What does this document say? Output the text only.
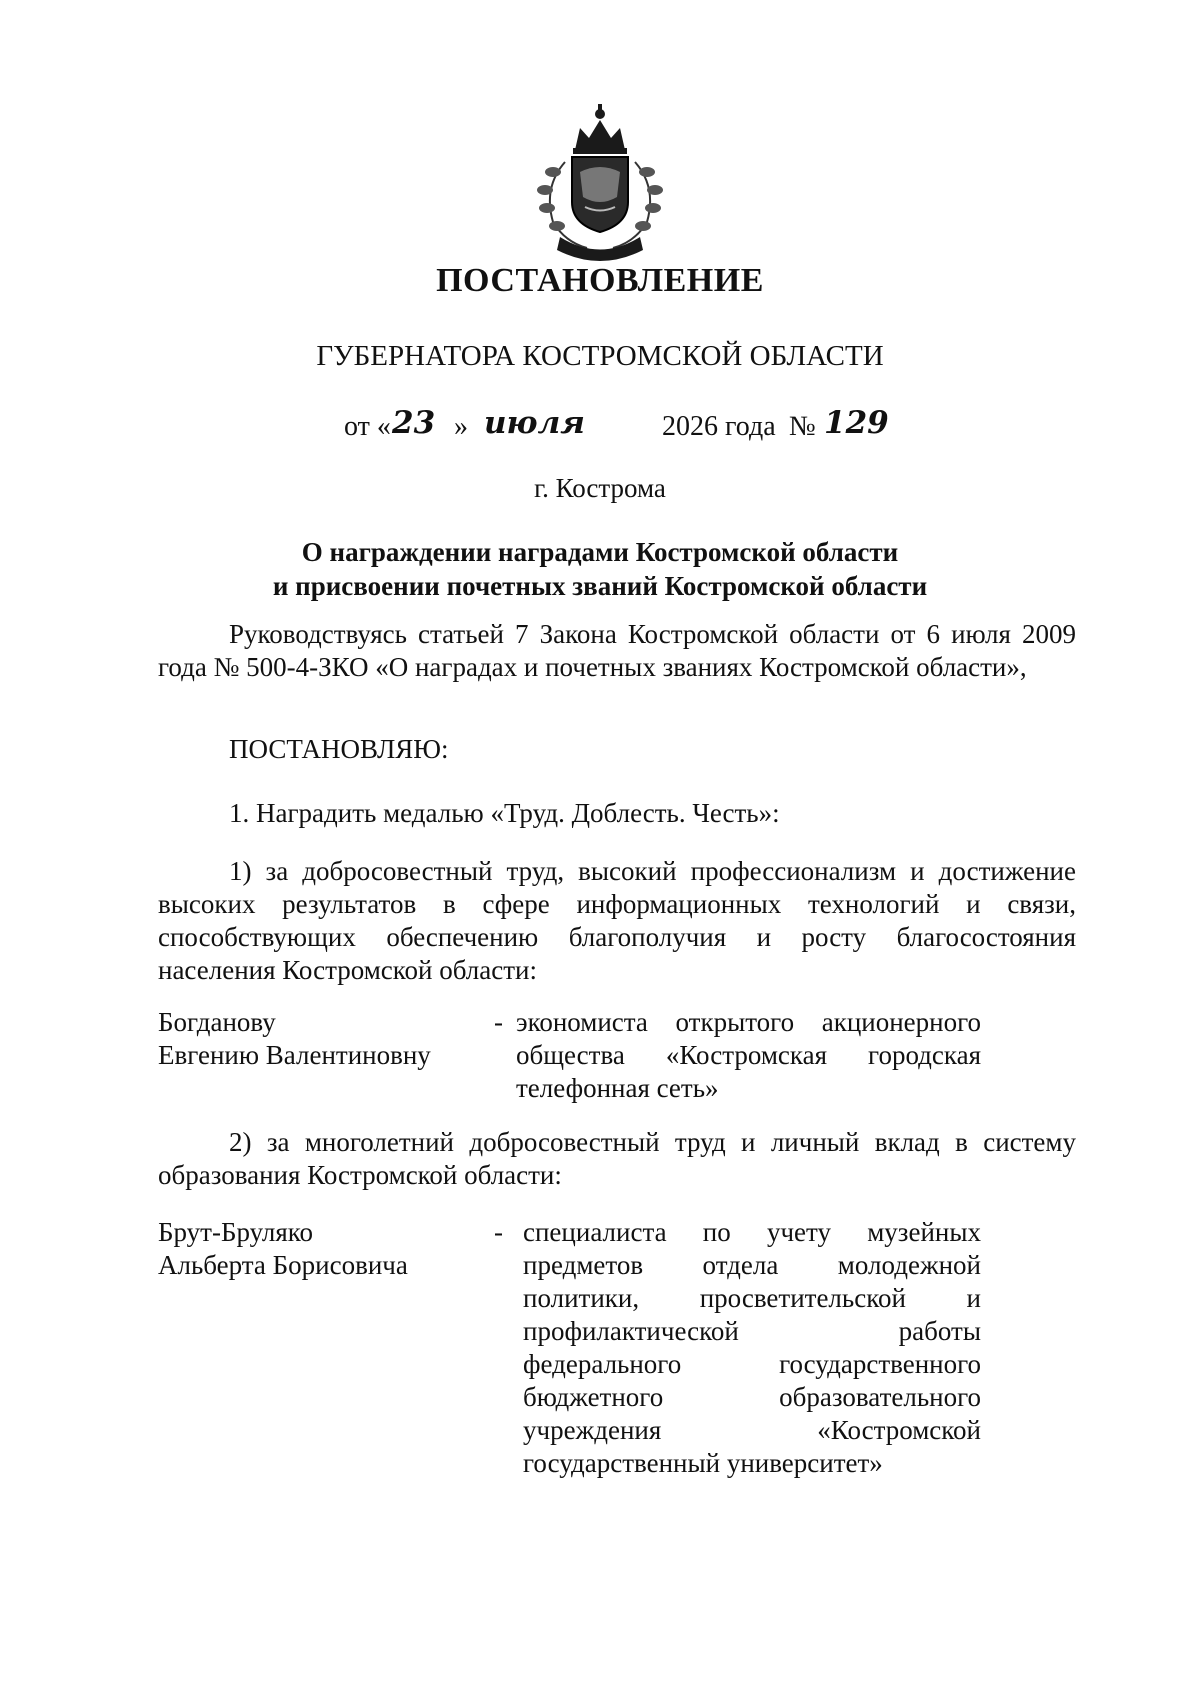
ПОСТАНОВЛЕНИЕ
ГУБЕРНАТОРА КОСТРОМСКОЙ ОБЛАСТИ
от « 23 » июля	2026 года № 129
г. Кострома
О награждении наградами Костромской области
и присвоении почетных званий Костромской области
Руководствуясь статьей 7 Закона Костромской области от 6 июля 2009 года № 500-4-ЗКО «О наградах и почетных званиях Костромской области»,
ПОСТАНОВЛЯЮ:
1. Наградить медалью «Труд. Доблесть. Честь»:
1) за добросовестный труд, высокий профессионализм и достижение высоких результатов в сфере информационных технологий и связи, способствующих обеспечению благополучия и росту благосостояния населения Костромской области:
Богданову
Евгению Валентиновну
- экономиста открытого акционерного общества «Костромская городская телефонная сеть»
2) за многолетний добросовестный труд и личный вклад в систему образования Костромской области:
Брут-Бруляко
Альберта Борисовича
- специалиста по учету музейных предметов отдела молодежной политики, просветительской и профилактической работы федерального государственного бюджетного образовательного учреждения «Костромской государственный университет»
